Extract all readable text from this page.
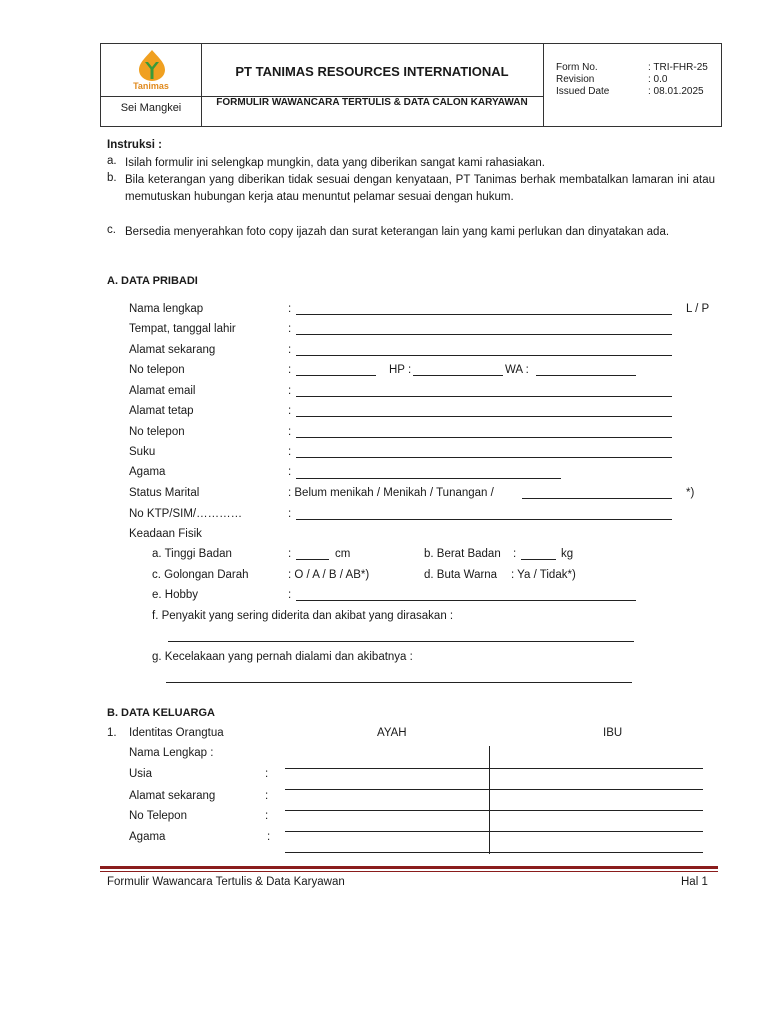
Tanimas
Sei Mangkei
PT TANIMAS RESOURCES INTERNATIONAL
FORMULIR WAWANCARA TERTULIS & DATA CALON KARYAWAN
Form No.	: TRI-FHR-25
Revision	: 0.0
Issued Date	: 08.01.2025
Instruksi :
a. Isilah formulir ini selengkap mungkin, data yang diberikan sangat kami rahasiakan.
b. Bila keterangan yang diberikan tidak sesuai dengan kenyataan, PT Tanimas berhak membatalkan lamaran ini atau memutuskan hubungan kerja atau menuntut pelamar sesuai dengan hukum.
c. Bersedia menyerahkan foto copy ijazah dan surat keterangan lain yang kami perlukan dan dinyatakan ada.
A. DATA PRIBADI
Nama lengkap	:	L / P
Tempat, tanggal lahir	:
Alamat sekarang	:
No telepon	:	HP :	WA :
Alamat email	:
Alamat tetap	:
No telepon	:
Suku	:
Agama	:
Status Marital	: Belum menikah / Menikah / Tunangan /	*)
No KTP/SIM/…………	:
Keadaan Fisik
a. Tinggi Badan	:	cm	b. Berat Badan :	kg
c. Golongan Darah	: O / A / B / AB*)	d. Buta Warna : Ya / Tidak*)
e. Hobby	:
f. Penyakit yang sering diderita dan akibat yang dirasakan :
g. Kecelakaan yang pernah dialami dan akibatnya :
B. DATA KELUARGA
1. Identitas Orangtua	AYAH	IBU
Nama Lengkap :
Usia	:
Alamat sekarang	:
No Telepon	:
Agama	:
Formulir Wawancara Tertulis & Data Karyawan	Hal 1
